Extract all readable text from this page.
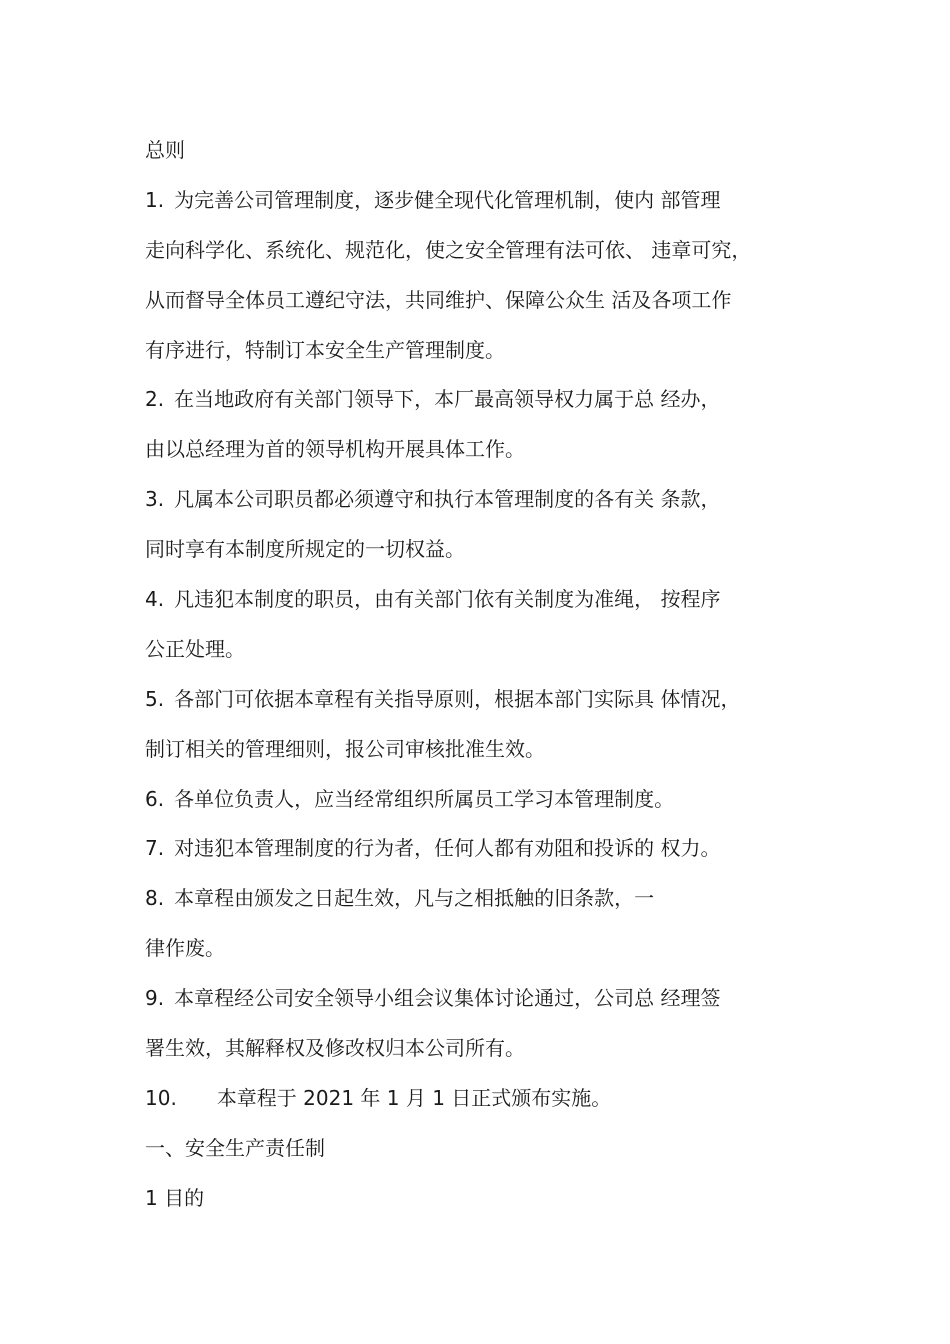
总则
1. 为完善公司管理制度，逐步健全现代化管理机制，使内 部管理
走向科学化、系统化、规范化，使之安全管理有法可依、 违章可究，
从而督导全体员工遵纪守法，共同维护、保障公众生 活及各项工作
有序进行，特制订本安全生产管理制度。
2. 在当地政府有关部门领导下，本厂最高领导权力属于总 经办，
由以总经理为首的领导机构开展具体工作。
3. 凡属本公司职员都必须遵守和执行本管理制度的各有关 条款，
同时享有本制度所规定的一切权益。
4. 凡违犯本制度的职员，由有关部门依有关制度为准绳， 按程序
公正处理。
5. 各部门可依据本章程有关指导原则，根据本部门实际具 体情况，
制订相关的管理细则，报公司审核批准生效。
6. 各单位负责人，应当经常组织所属员工学习本管理制度。
7. 对违犯本管理制度的行为者，任何人都有劝阻和投诉的 权力。
8. 本章程由颁发之日起生效，凡与之相抵触的旧条款，一
律作废。
9. 本章程经公司安全领导小组会议集体讨论通过，公司总 经理签
署生效，其解释权及修改权归本公司所有。
10. 本章程于 2021 年 1 月 1 日正式颁布实施。
一、安全生产责任制
1 目的
